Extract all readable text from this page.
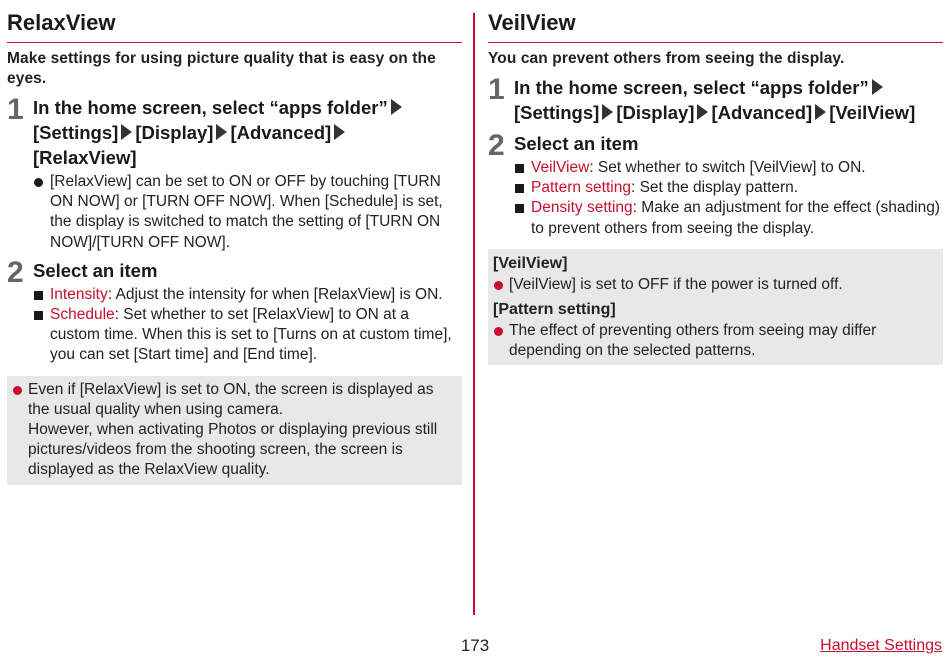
RelaxView

Make settings for using picture quality that is easy on the eyes.

1 In the home screen, select “apps folder”
[Settings] [Display] [Advanced]
[RelaxView]
[RelaxView] can be set to ON or OFF by touching [TURN ON NOW] or [TURN OFF NOW]. When [Schedule] is set, the display is switched to match the setting of [TURN ON NOW]/[TURN OFF NOW].
2 Select an item
Intensity: Adjust the intensity for when [RelaxView] is ON.
Schedule: Set whether to set [RelaxView] to ON at a custom time. When this is set to [Turns on at custom time], you can set [Start time] and [End time].
Even if [RelaxView] is set to ON, the screen is displayed as the usual quality when using camera.
However, when activating Photos or displaying previous still pictures/videos from the shooting screen, the screen is displayed as the RelaxView quality.
VeilView

You can prevent others from seeing the display.

1 In the home screen, select “apps folder”
[Settings] [Display] [Advanced] [VeilView]
2 Select an item
VeilView: Set whether to switch [VeilView] to ON.
Pattern setting: Set the display pattern.
Density setting: Make an adjustment for the effect (shading) to prevent others from seeing the display.
[VeilView]
[VeilView] is set to OFF if the power is turned off.
[Pattern setting]
The effect of preventing others from seeing may differ depending on the selected patterns.
173	Handset Settings
